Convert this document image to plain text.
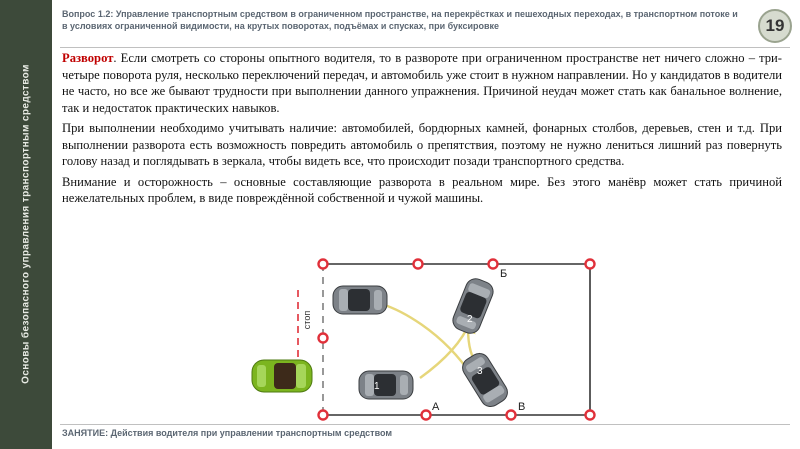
Основы безопасного управления транспортным средством
Вопрос 1.2: Управление транспортным средством в ограниченном пространстве, на перекрёстках и пешеходных переходах, в транспортном потоке и в условиях ограниченной видимости, на крутых поворотах, подъёмах и спусках, при буксировке	19

Разворот. Если смотреть со стороны опытного водителя, то в развороте при ограниченном пространстве нет ничего сложно – три-четыре поворота руля, несколько переключений передач, и автомобиль уже стоит в нужном направлении. Но у кандидатов в водители не часто, но все же бывают трудности при выполнении данного упражнения. Причиной неудач может стать как банальное волнение, так и недостаток практических навыков.

При выполнении необходимо учитывать наличие: автомобилей, бордюрных камней, фонарных столбов, деревьев, стен и т.д. При выполнении разворота есть возможность повредить автомобиль о препятствия, поэтому не нужно лениться лишний раз повернуть голову назад и поглядывать в зеркала, чтобы видеть все, что происходит позади транспортного средства.

Внимание и осторожность – основные составляющие разворота в реальном мире. Без этого манёвр может стать причиной нежелательных проблем, в виде повреждённой собственной и чужой машины.

стоп
Б
А	В
1
2
3
ЗАНЯТИЕ: Действия водителя при управлении транспортным средством
